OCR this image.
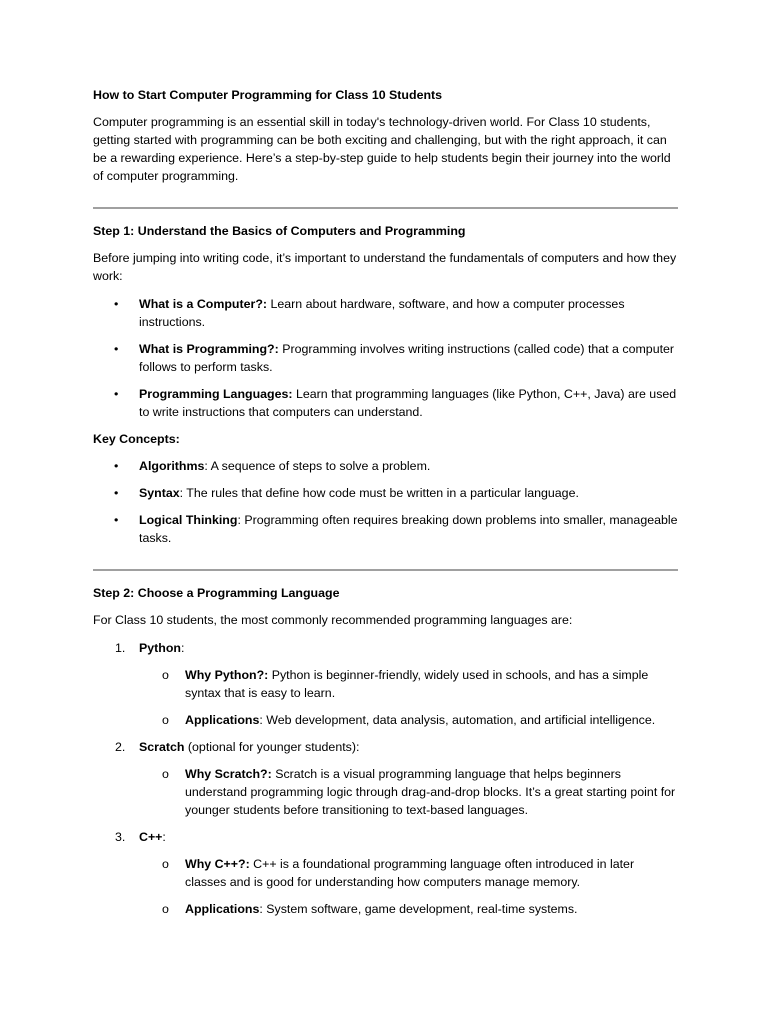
How to Start Computer Programming for Class 10 Students

Computer programming is an essential skill in today's technology-driven world. For Class 10 students, getting started with programming can be both exciting and challenging, but with the right approach, it can be a rewarding experience. Here’s a step-by-step guide to help students begin their journey into the world of computer programming.

Step 1: Understand the Basics of Computers and Programming

Before jumping into writing code, it’s important to understand the fundamentals of computers and how they work:

• What is a Computer?: Learn about hardware, software, and how a computer processes instructions.
• What is Programming?: Programming involves writing instructions (called code) that a computer follows to perform tasks.
• Programming Languages: Learn that programming languages (like Python, C++, Java) are used to write instructions that computers can understand.

Key Concepts:

• Algorithms: A sequence of steps to solve a problem.
• Syntax: The rules that define how code must be written in a particular language.
• Logical Thinking: Programming often requires breaking down problems into smaller, manageable tasks.
Step 2: Choose a Programming Language

For Class 10 students, the most commonly recommended programming languages are:

1. Python:
o Why Python?: Python is beginner-friendly, widely used in schools, and has a simple syntax that is easy to learn.
o Applications: Web development, data analysis, automation, and artificial intelligence.
2. Scratch (optional for younger students):
o Why Scratch?: Scratch is a visual programming language that helps beginners understand programming logic through drag-and-drop blocks. It’s a great starting point for younger students before transitioning to text-based languages.
3. C++:
o Why C++?: C++ is a foundational programming language often introduced in later classes and is good for understanding how computers manage memory.
o Applications: System software, game development, real-time systems.
